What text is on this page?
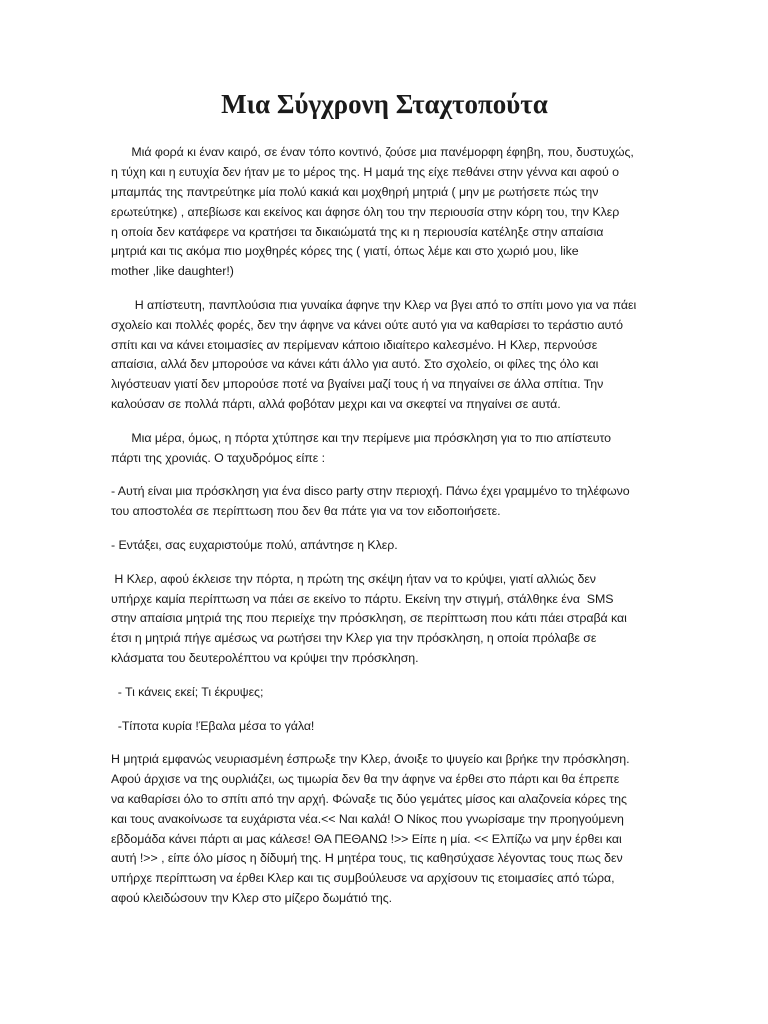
Μια Σύγχρονη Σταχτοπούτα

Μιά φορά κι έναν καιρό, σε έναν τόπο κοντινό, ζούσε μια πανέμορφη έφηβη, που, δυστυχώς,
η τύχη και η ευτυχία δεν ήταν με το μέρος της. Η μαμά της είχε πεθάνει στην γέννα και αφού ο
μπαμπάς της παντρεύτηκε μία πολύ κακιά και μοχθηρή μητριά ( μην με ρωτήσετε πώς την
ερωτεύτηκε) , απεβίωσε και εκείνος και άφησε όλη του την περιουσία στην κόρη του, την Κλερ
η οποία δεν κατάφερε να κρατήσει τα δικαιώματά της κι η περιουσία κατέληξε στην απαίσια
μητριά και τις ακόμα πιο μοχθηρές κόρες της ( γιατί, όπως λέμε και στο χωριό μου, like
mother ,like daughter!)

Η απίστευτη, πανπλούσια πια γυναίκα άφηνε την Κλερ να βγει από το σπίτι μονο για να πάει
σχολείο και πολλές φορές, δεν την άφηνε να κάνει ούτε αυτό για να καθαρίσει το τεράστιο αυτό
σπίτι και να κάνει ετοιμασίες αν περίμεναν κάποιο ιδιαίτερο καλεσμένο. Η Κλερ, περνούσε
απαίσια, αλλά δεν μπορούσε να κάνει κάτι άλλο για αυτό. Στο σχολείο, οι φίλες της όλο και
λιγόστευαν γιατί δεν μπορούσε ποτέ να βγαίνει μαζί τους ή να πηγαίνει σε άλλα σπίτια. Την
καλούσαν σε πολλά πάρτι, αλλά φοβόταν μεχρι και να σκεφτεί να πηγαίνει σε αυτά.

Μια μέρα, όμως, η πόρτα χτύπησε και την περίμενε μια πρόσκληση για το πιο απίστευτο
πάρτι της χρονιάς. Ο ταχυδρόμος είπε :

- Αυτή είναι μια πρόσκληση για ένα disco party στην περιοχή. Πάνω έχει γραμμένο το τηλέφωνο
του αποστολέα σε περίπτωση που δεν θα πάτε για να τον ειδοποιήσετε.

- Εντάξει, σας ευχαριστούμε πολύ, απάντησε η Κλερ.

Η Κλερ, αφού έκλεισε την πόρτα, η πρώτη της σκέψη ήταν να το κρύψει, γιατί αλλιώς δεν
υπήρχε καμία περίπτωση να πάει σε εκείνο το πάρτυ. Εκείνη την στιγμή, στάλθηκε ένα  SMS
στην απαίσια μητριά της που περιείχε την πρόσκληση, σε περίπτωση που κάτι πάει στραβά και
έτσι η μητριά πήγε αμέσως να ρωτήσει την Κλερ για την πρόσκληση, η οποία πρόλαβε σε
κλάσματα του δευτερολέπτου να κρύψει την πρόσκληση.

- Τι κάνεις εκεί; Τι έκρυψες;

-Τίποτα κυρία !Έβαλα μέσα το γάλα!

Η μητριά εμφανώς νευριασμένη έσπρωξε την Κλερ, άνοιξε το ψυγείο και βρήκε την πρόσκληση.
Αφού άρχισε να της ουρλιάζει, ως τιμωρία δεν θα την άφηνε να έρθει στο πάρτι και θα έπρεπε
να καθαρίσει όλο το σπίτι από την αρχή. Φώναξε τις δύο γεμάτες μίσος και αλαζονεία κόρες της
και τους ανακοίνωσε τα ευχάριστα νέα.<< Ναι καλά! Ο Νίκος που γνωρίσαμε την προηγούμενη
εβδομάδα κάνει πάρτι αι μας κάλεσε! ΘΑ ΠΕΘΑΝΩ !>> Είπε η μία. << Ελπίζω να μην έρθει και
αυτή !>> , είπε όλο μίσος η δίδυμή της. Η μητέρα τους, τις καθησύχασε λέγοντας τους πως δεν
υπήρχε περίπτωση να έρθει Κλερ και τις συμβούλευσε να αρχίσουν τις ετοιμασίες από τώρα,
αφού κλειδώσουν την Κλερ στο μίζερο δωμάτιό της.
